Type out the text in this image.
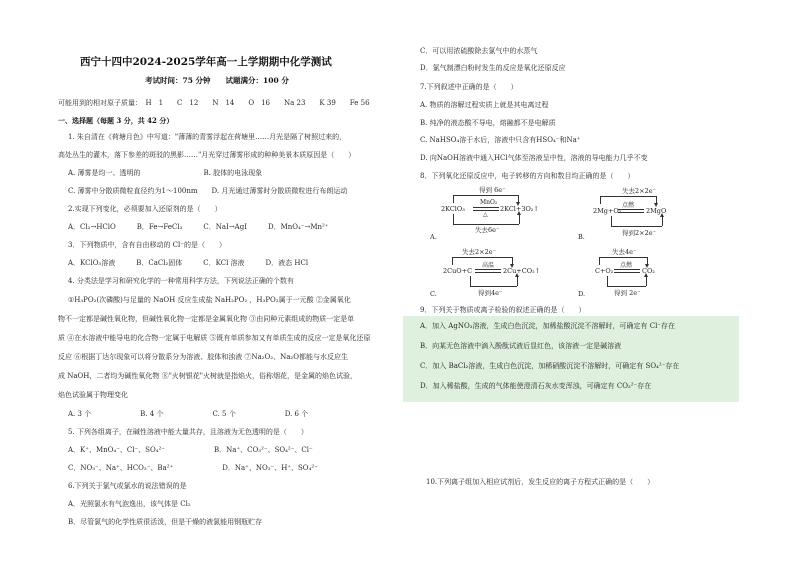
西宁十四中2024-2025学年高一上学期期中化学测试
考试时间：75 分钟　　试题满分：100 分
可能用到的相对原子质量：　H　1　　C　12　　N　14　　O　16　　Na 23　　K 39　　Fe 56
一、选择题（每题 3 分，共 42 分）
1. 朱自清在《荷塘月色》中写道："薄薄的青雾浮起在荷塘里……月光是隔了树照过来的，
高处丛生的灌木，落下参差的斑驳的黑影……"月光穿过薄雾形成的种种美景本质原因是（　　）
A. 薄雾是均一、透明的　　　　　　　　　B. 胶体的电泳现象
C. 薄雾中分散质微粒直径约为1～100nm　　D. 月光通过薄雾时分散质微粒进行布朗运动
2.实现下列变化，必须要加入还原剂的是（　　）
A．Cl₂→HClO　　　B．Fe→FeCl₃　　　C．NaI→AgI　　　D．MnO₄⁻→Mn²⁺
3．下列物质中，含有自由移动的 Cl⁻的是（　　）
A．KClO₃溶液　　　B．CaCl₂固体　　　C．KCl 溶液　　　D．液态 HCl
4. 分类法是学习和研究化学的一种常用科学方法，下列说法正确的个数有
①H₃PO₂(次磷酸)与足量的 NaOH 反应生成盐 NaH₂PO₂ ，H₃PO₂属于一元酸 ②金属氧化
物不一定都是碱性氧化物，但碱性氧化物一定都是金属氧化物 ③由同种元素组成的物质一定是单
质 ④在水溶液中能导电的化合物一定属于电解质 ⑤既有单质参加又有单质生成的反应一定是氧化还原
反应 ⑥根据丁达尔现象可以将分散系分为溶液、胶体和浊液 ⑦Na₂O₂、Na₂O都能与水反应生
成 NaOH，二者均为碱性氧化物 ⑧"火树银花"火树就是指焰火，俗称烟花，是金属的焰色试验，
焰色试验属于物理变化
A. 3 个　　　　　　　B. 4 个　　　　　　　C. 5 个　　　　　　　D. 6 个
5. 下列各组离子，在碱性溶液中能大量共存，且溶液为无色透明的是（　　）
A．K⁺、MnO₄⁻、Cl⁻、SO₄²⁻　　　　　　　B．Na⁺、CO₃²⁻、SO₄²⁻、Cl⁻
C．NO₃⁻、Na⁺、HCO₃⁻、Ba²⁺　　　　　　　D．Na⁺、NO₃⁻、H⁺、SO₄²⁻
6.下列关于氯气或氯水的说法错误的是
A．光照氯水有气泡逸出，该气体是 Cl₂
B．尽管氯气的化学性质很活泼，但是干燥的液氯能用钢瓶贮存
C．可以用浓硫酸除去氯气中的水蒸气
D．氯气制漂白粉时发生的反应是氧化还原反应
7.下列叙述中正确的是（　　）
A. 物质的溶解过程实质上就是其电离过程
B. 纯净的液态酸不导电，熔融都不是电解质
C. NaHSO₄溶于水后，溶液中只含有HSO₄⁻和Na⁺
D. 向NaOH溶液中通入HCl气体至溶液呈中性，溶液的导电能力几乎不变
8．下列氧化还原反应中，电子转移的方向和数目均正确的是（　　）
A.
得到 6e⁻
2KClO₃
MnO₂
△
2KCl+3O₂↑
失去6e⁻
B.
失去2×2e⁻
2Mg+O₂
点燃
2MgO
得到2×2e⁻
C.
失去2×2e⁻
2CuO+C
高温
2Cu+CO₂↑
得到4e⁻	D.
失去4e⁻
C+O₂
点燃
CO₂
得到 2e⁻
9．下列关于物质或离子检验的叙述正确的是（　　）
A．加入 AgNO₃溶液，生成白色沉淀，加稀盐酸沉淀不溶解时，可确定有 Cl⁻存在
B．向某无色溶液中滴入酚酞试液后显红色，该溶液一定是碱溶液
C．加入 BaCl₂溶液，生成白色沉淀，加稀硝酸沉淀不溶解时，可确定有 SO₄²⁻存在
D．加入稀盐酸，生成的气体能使澄清石灰水变浑浊，可确定有 CO₃²⁻存在
10.下列离子组加入相应试剂后，发生反应的离子方程式正确的是（　　）
